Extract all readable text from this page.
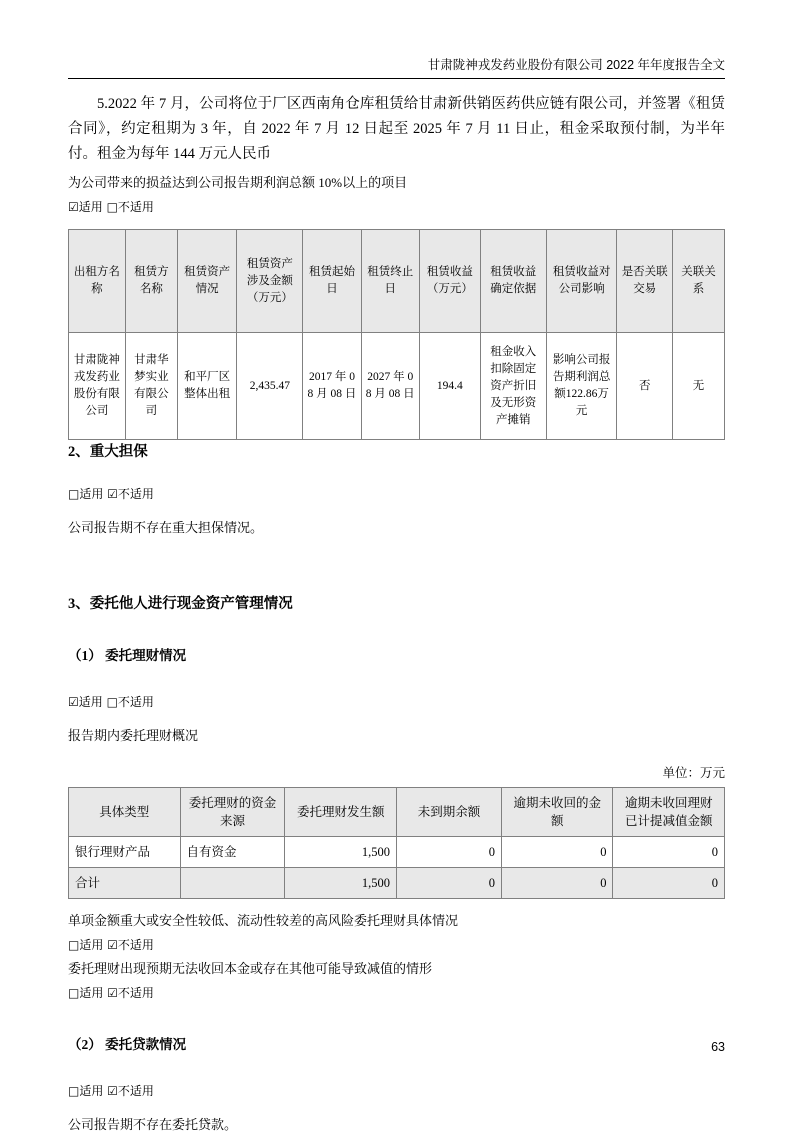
甘肃陇神戎发药业股份有限公司 2022 年年度报告全文

5.2022 年 7 月，公司将位于厂区西南角仓库租赁给甘肃新供销医药供应链有限公司，并签署《租赁合同》，约定租期为 3 年，自 2022 年 7 月 12 日起至 2025 年 7 月 11 日止，租金采取预付制，为半年付。租金为每年 144 万元人民币

为公司带来的损益达到公司报告期利润总额 10%以上的项目

☑适用 □不适用

出租方名称	租赁方名称	租赁资产情况	租赁资产涉及金额（万元）	租赁起始日	租赁终止日	租赁收益（万元）	租赁收益确定依据	租赁收益对公司影响	是否关联交易	关联关系
甘肃陇神戎发药业股份有限公司	甘肃华梦实业有限公司	和平厂区整体出租	2,435.47	2017 年 08 月 08 日	2027 年 08 月 08 日	194.4	租金收入扣除固定资产折旧及无形资产摊销	影响公司报告期利润总额122.86万元	否	无
2、重大担保

□适用 ☑不适用

公司报告期不存在重大担保情况。

3、委托他人进行现金资产管理情况

（1） 委托理财情况

☑适用 □不适用

报告期内委托理财概况

单位：万元

具体类型	委托理财的资金来源	委托理财发生额	未到期余额	逾期未收回的金额	逾期未收回理财已计提减值金额
银行理财产品	自有资金	1,500	0	0	0
合计		1,500	0	0	0

单项金额重大或安全性较低、流动性较差的高风险委托理财具体情况

□适用 ☑不适用

委托理财出现预期无法收回本金或存在其他可能导致减值的情形

□适用 ☑不适用

（2） 委托贷款情况

□适用 ☑不适用

公司报告期不存在委托贷款。

63
